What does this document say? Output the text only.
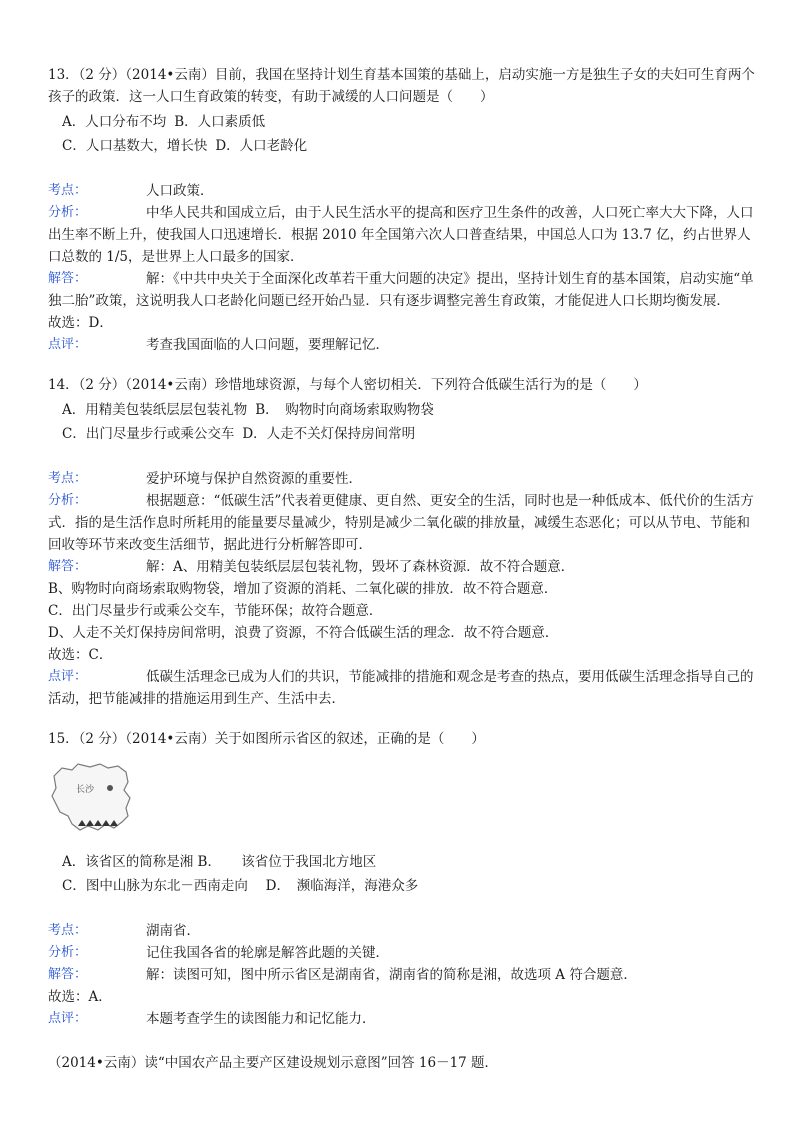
13．（2 分）（2014•云南）目前，我国在坚持计划生育基本国策的基础上，启动实施一方是独生子女的夫妇可生育两个孩子的政策．这一人口生育政策的转变，有助于减缓的人口问题是（　　）

A．人口分布不均 B．人口素质低
C．人口基数大，增长快 D．人口老龄化
考点：	人口政策．
分析：	中华人民共和国成立后，由于人民生活水平的提高和医疗卫生条件的改善，人口死亡率大大下降，人口出生率不断上升，使我国人口迅速增长．根据 2010 年全国第六次人口普查结果，中国总人口为 13.7 亿，约占世界人口总数的 1/5，是世界上人口最多的国家．
解答：	解：《中共中央关于全面深化改革若干重大问题的决定》提出，坚持计划生育的基本国策，启动实施“单独二胎”政策，这说明我人口老龄化问题已经开始凸显．只有逐步调整完善生育政策，才能促进人口长期均衡发展．
故选：D．
点评：	考查我国面临的人口问题，要理解记忆．

14．（2 分）（2014•云南）珍惜地球资源，与每个人密切相关．下列符合低碳生活行为的是（　　）

A．用精美包装纸层层包装礼物 B．　购物时向商场索取购物袋
C．出门尽量步行或乘公交车 D．人走不关灯保持房间常明
考点：	爱护环境与保护自然资源的重要性．
分析：	根据题意：“低碳生活”代表着更健康、更自然、更安全的生活，同时也是一种低成本、低代价的生活方式．指的是生活作息时所耗用的能量要尽量减少，特别是减少二氧化碳的排放量，减缓生态恶化；可以从节电、节能和回收等环节来改变生活细节，据此进行分析解答即可．
解答：	解：A、用精美包装纸层层包装礼物，毁坏了森林资源．故不符合题意．
B、购物时向商场索取购物袋，增加了资源的消耗、二氧化碳的排放．故不符合题意．
C．出门尽量步行或乘公交车，节能环保；故符合题意．
D、人走不关灯保持房间常明，浪费了资源，不符合低碳生活的理念．故不符合题意．
故选：C．
点评：	低碳生活理念已成为人们的共识，节能减排的措施和观念是考查的热点，要用低碳生活理念指导自己的活动，把节能减排的措施运用到生产、生活中去．

15．（2 分）（2014•云南）关于如图所示省区的叙述，正确的是（　　）

长沙
A．该省区的简称是湘 B．　　该省位于我国北方地区
C．图中山脉为东北－西南走向　 D．　濒临海洋，海港众多
考点：	湖南省．
分析：	记住我国各省的轮廓是解答此题的关键．
解答：	解：读图可知，图中所示省区是湖南省，湖南省的简称是湘，故选项 A 符合题意．
故选：A．
点评：	本题考查学生的读图能力和记忆能力．
（2014•云南）读“中国农产品主要产区建设规划示意图”回答 16－17 题．
